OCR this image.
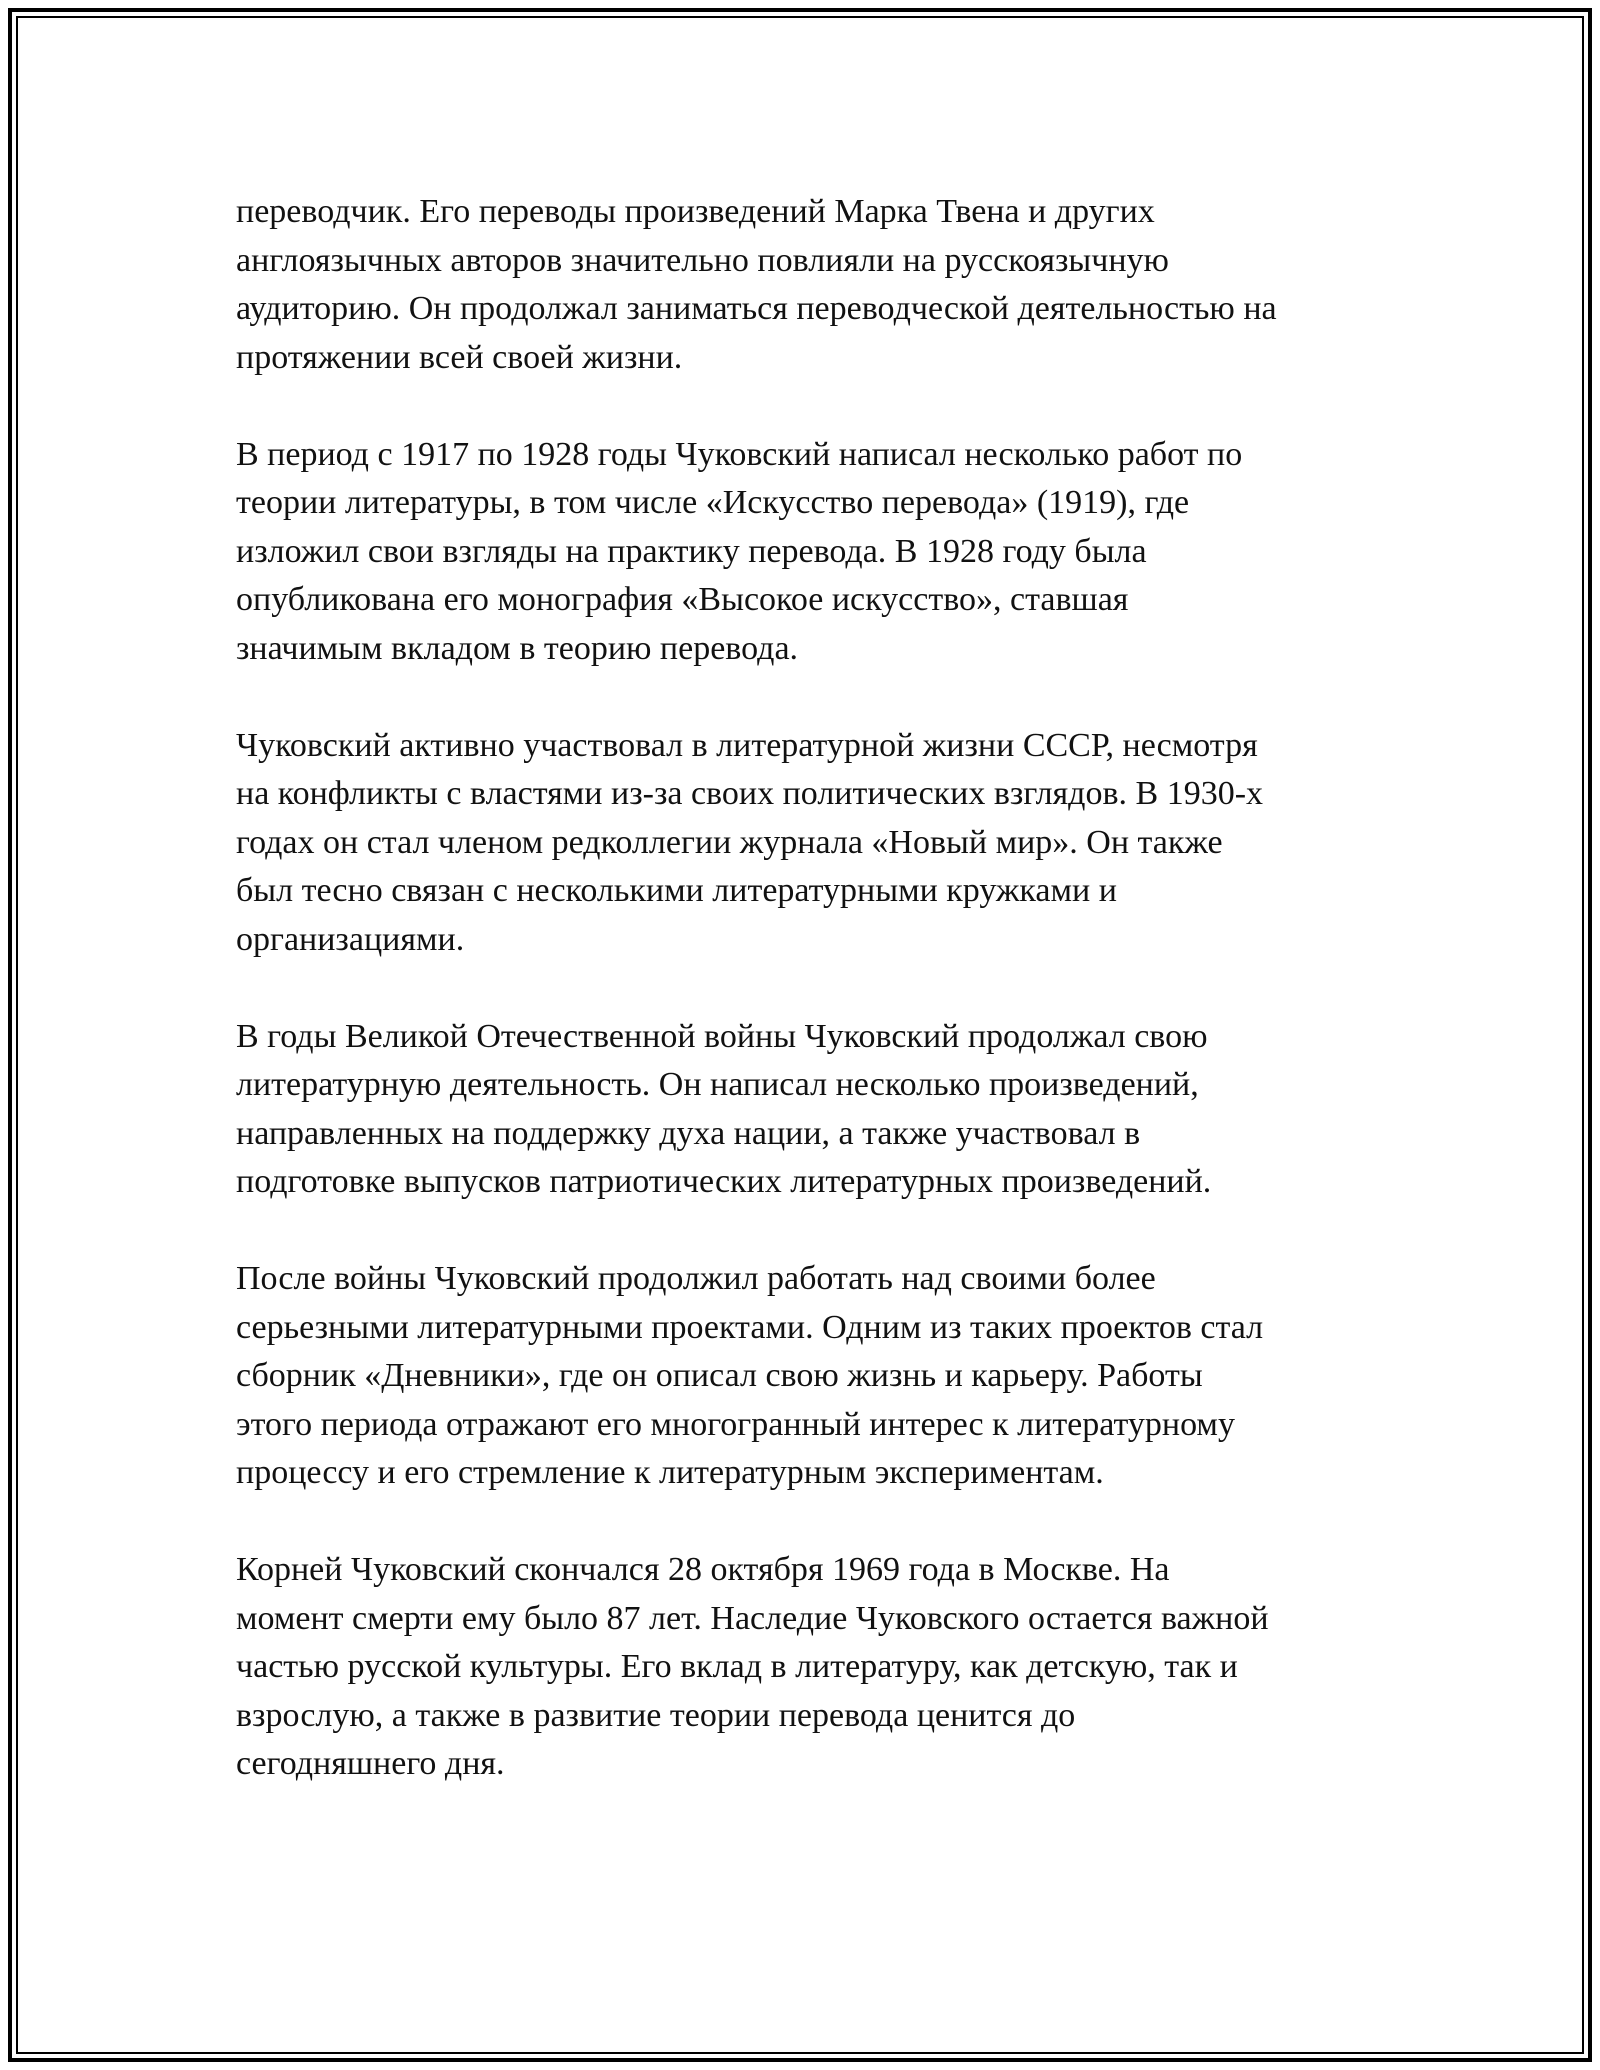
переводчик. Его переводы произведений Марка Твена и других
англоязычных авторов значительно повлияли на русскоязычную
аудиторию. Он продолжал заниматься переводческой деятельностью на
протяжении всей своей жизни.

В период с 1917 по 1928 годы Чуковский написал несколько работ по
теории литературы, в том числе «Искусство перевода» (1919), где
изложил свои взгляды на практику перевода. В 1928 году была
опубликована его монография «Высокое искусство», ставшая
значимым вкладом в теорию перевода.

Чуковский активно участвовал в литературной жизни СССР, несмотря
на конфликты с властями из-за своих политических взглядов. В 1930-х
годах он стал членом редколлегии журнала «Новый мир». Он также
был тесно связан с несколькими литературными кружками и
организациями.

В годы Великой Отечественной войны Чуковский продолжал свою
литературную деятельность. Он написал несколько произведений,
направленных на поддержку духа нации, а также участвовал в
подготовке выпусков патриотических литературных произведений.

После войны Чуковский продолжил работать над своими более
серьезными литературными проектами. Одним из таких проектов стал
сборник «Дневники», где он описал свою жизнь и карьеру. Работы
этого периода отражают его многогранный интерес к литературному
процессу и его стремление к литературным экспериментам.

Корней Чуковский скончался 28 октября 1969 года в Москве. На
момент смерти ему было 87 лет. Наследие Чуковского остается важной
частью русской культуры. Его вклад в литературу, как детскую, так и
взрослую, а также в развитие теории перевода ценится до
сегодняшнего дня.
